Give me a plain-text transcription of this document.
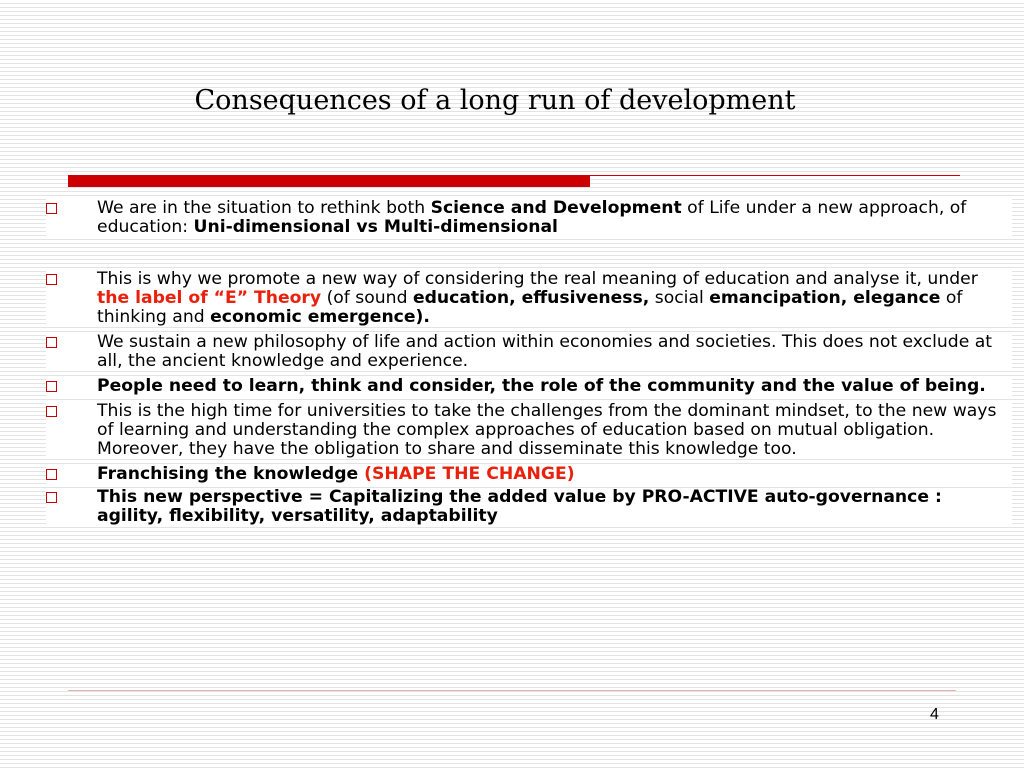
Consequences of a long run of development
We are in the situation to rethink both Science and Development of Life under a new approach, of education: Uni-dimensional vs Multi-dimensional
This is why we promote a new way of considering the real meaning of education and analyse it, under the label of “E” Theory (of sound education, effusiveness, social emancipation, elegance of thinking and economic emergence).
We sustain a new philosophy of life and action within economies and societies. This does not exclude at all, the ancient knowledge and experience.
People need to learn, think and consider, the role of the community and the value of being.
This is the high time for universities to take the challenges from the dominant mindset, to the new ways of learning and understanding the complex approaches of education based on mutual obligation. Moreover, they have the obligation to share and disseminate this knowledge too.
Franchising the knowledge (SHAPE THE CHANGE)
This new perspective = Capitalizing the added value by PRO-ACTIVE auto-governance : agility, flexibility, versatility, adaptability
4
